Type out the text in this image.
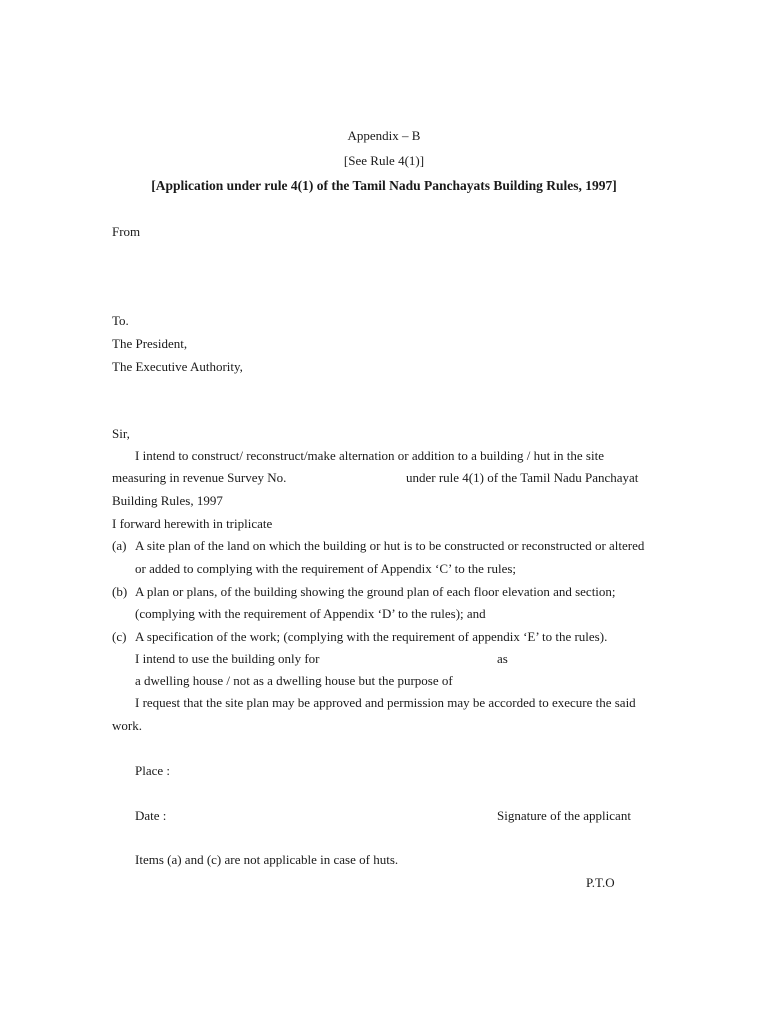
Appendix – B
[See Rule 4(1)]
[Application under rule 4(1) of the Tamil Nadu Panchayats Building Rules, 1997]
From
To.
The President,
The Executive Authority,
Sir,
I intend to construct/ reconstruct/make alternation or addition to a building / hut in the site
measuring in revenue Survey No.	under rule 4(1) of the Tamil Nadu Panchayat
Building Rules, 1997
I forward herewith in triplicate
(a) A site plan of the land on which the building or hut is to be constructed or reconstructed or altered
or added to complying with the requirement of Appendix ‘C’ to the rules;
(b) A plan or plans, of the building showing the ground plan of each floor elevation and section;
(complying with the requirement of Appendix ‘D’ to the rules); and
(c) A specification of the work; (complying with the requirement of appendix ‘E’ to the rules).
I intend to use the building only for	as
a dwelling house / not as a dwelling house but the purpose of
I request that the site plan may be approved and permission may be accorded to execure the said
work.
Place :
Date :	Signature of the applicant
Items (a) and (c) are not applicable in case of huts.
P.T.O
